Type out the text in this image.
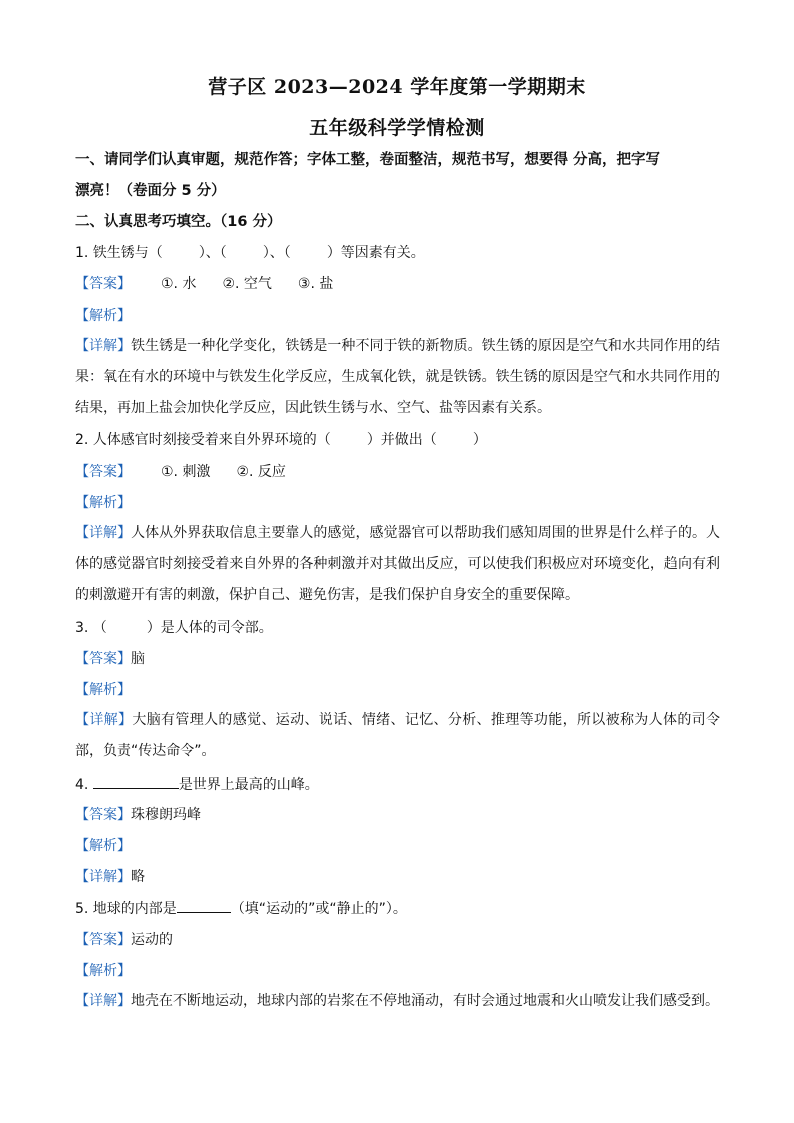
营子区 2023—2024 学年度第一学期期末
五年级科学学情检测
一、请同学们认真审题，规范作答；字体工整，卷面整洁，规范书写，想要得 分高，把字写
漂亮！（卷面分 5 分）
二、认真思考巧填空。（16 分）
1. 铁生锈与（	）、（	）、（	）等因素有关。
【答案】 ①. 水 ②. 空气 ③. 盐
【解析】
【详解】铁生锈是一种化学变化，铁锈是一种不同于铁的新物质。铁生锈的原因是空气和水共同作用的结果：氧在有水的环境中与铁发生化学反应，生成氧化铁，就是铁锈。铁生锈的原因是空气和水共同作用的结果，再加上盐会加快化学反应，因此铁生锈与水、空气、盐等因素有关系。
2. 人体感官时刻接受着来自外界环境的（	）并做出（	）
【答案】 ①. 刺激 ②. 反应
【解析】
【详解】人体从外界获取信息主要靠人的感觉，感觉器官可以帮助我们感知周围的世界是什么样子的。人体的感觉器官时刻接受着来自外界的各种刺激并对其做出反应，可以使我们积极应对环境变化，趋向有利的刺激避开有害的刺激，保护自己、避免伤害，是我们保护自身安全的重要保障。
3. （	）是人体的司令部。
【答案】脑
【解析】
【详解】大脑有管理人的感觉、运动、说话、情绪、记忆、分析、推理等功能，所以被称为人体的司令部，负责“传达命令”。
4.	是世界上最高的山峰。
【答案】珠穆朗玛峰
【解析】
【详解】略
5. 地球的内部是	（填“运动的”或“静止的”）。
【答案】运动的
【解析】
【详解】地壳在不断地运动，地球内部的岩浆在不停地涌动，有时会通过地震和火山喷发让我们感受到。
